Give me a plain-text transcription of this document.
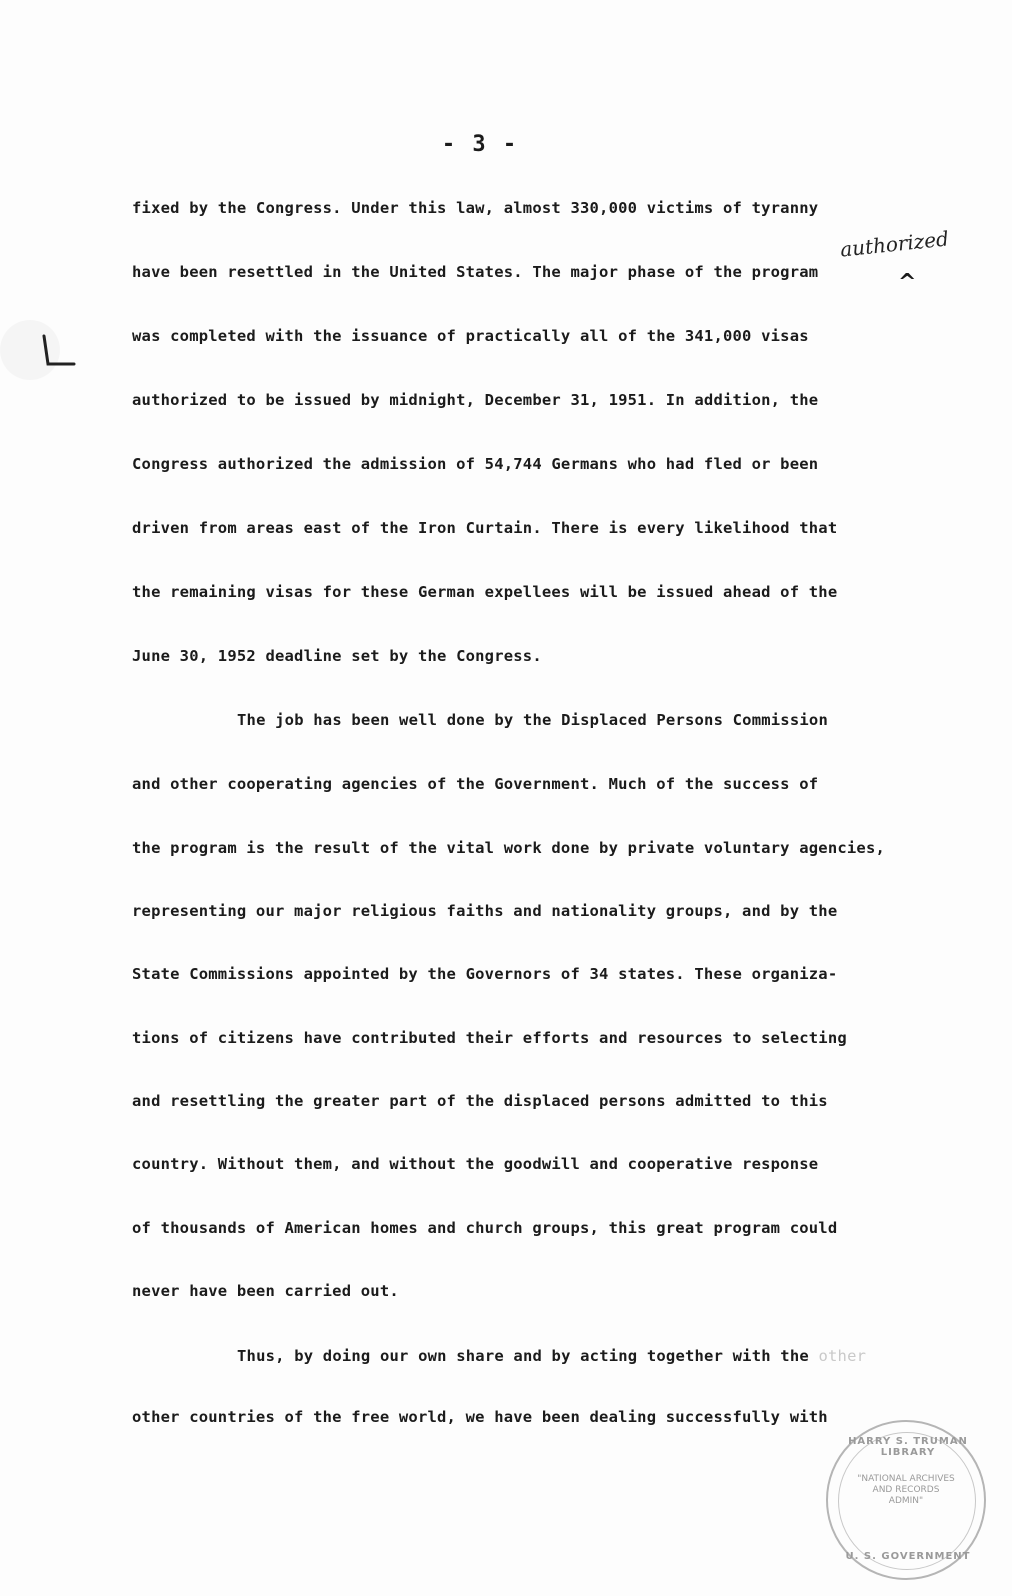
- 3 -
authorized
^
fixed by the Congress. Under this law, almost 330,000 victims of tyranny
have been resettled in the United States. The major phase of the program
was completed with the issuance of practically all of the 341,000 visas
authorized to be issued by midnight, December 31, 1951. In addition, the
Congress authorized the admission of 54,744 Germans who had fled or been
driven from areas east of the Iron Curtain. There is every likelihood that
the remaining visas for these German expellees will be issued ahead of the
June 30, 1952 deadline set by the Congress.
The job has been well done by the Displaced Persons Commission
and other cooperating agencies of the Government. Much of the success of
the program is the result of the vital work done by private voluntary agencies,
representing our major religious faiths and nationality groups, and by the
State Commissions appointed by the Governors of 34 states. These organiza-
tions of citizens have contributed their efforts and resources to selecting
and resettling the greater part of the displaced persons admitted to this
country. Without them, and without the goodwill and cooperative response
of thousands of American homes and church groups, this great program could
never have been carried out.
Thus, by doing our own share and by acting together with the other
other countries of the free world, we have been dealing successfully with
HARRY S. TRUMAN LIBRARY
"NATIONAL ARCHIVES AND RECORDS ADMIN"
U. S. GOVERNMENT
